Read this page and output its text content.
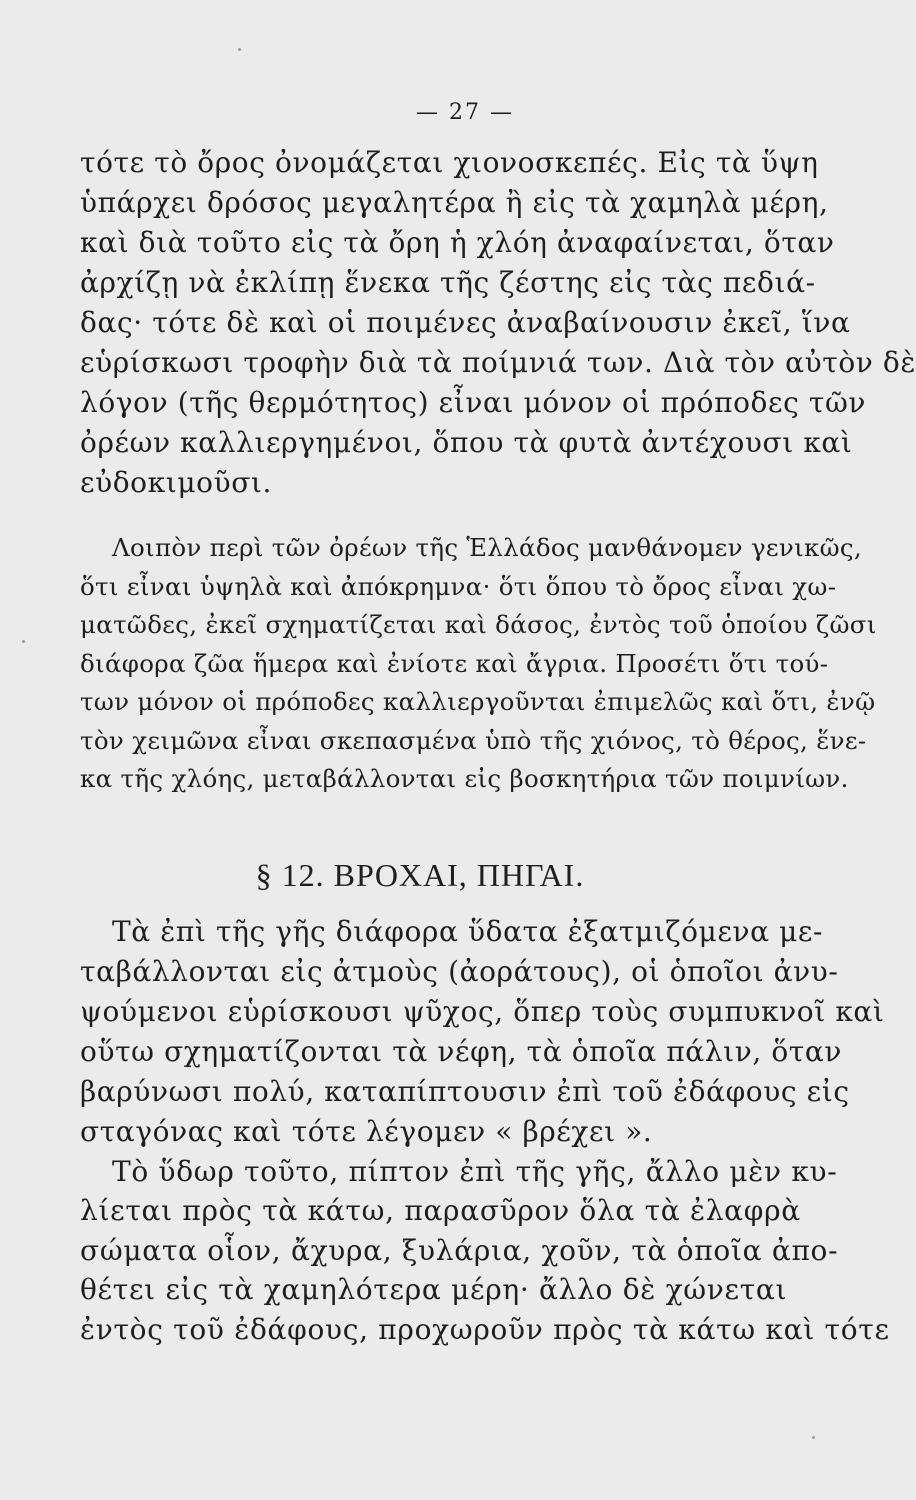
— 27 —
τότε τὸ ὄρος ὀνομάζεται χιονοσκεπές. Εἰς τὰ ὕψη
ὑπάρχει δρόσος μεγαλητέρα ἢ εἰς τὰ χαμηλὰ μέρη,
καὶ διὰ τοῦτο εἰς τὰ ὄρη ἡ χλόη ἀναφαίνεται, ὅταν
ἀρχίζῃ νὰ ἐκλίπῃ ἕνεκα τῆς ζέστης εἰς τὰς πεδιά-
δας· τότε δὲ καὶ οἱ ποιμένες ἀναβαίνουσιν ἐκεῖ, ἵνα
εὑρίσκωσι τροφὴν διὰ τὰ ποίμνιά των. Διὰ τὸν αὐτὸν δὲ
λόγον (τῆς θερμότητος) εἶναι μόνον οἱ πρόποδες τῶν
ὀρέων καλλιεργημένοι, ὅπου τὰ φυτὰ ἀντέχουσι καὶ
εὐδοκιμοῦσι.
Λοιπὸν περὶ τῶν ὀρέων τῆς Ἑλλάδος μανθάνομεν γενικῶς,
ὅτι εἶναι ὑψηλὰ καὶ ἀπόκρημνα· ὅτι ὅπου τὸ ὄρος εἶναι χω-
ματῶδες, ἐκεῖ σχηματίζεται καὶ δάσος, ἐντὸς τοῦ ὁποίου ζῶσι
διάφορα ζῶα ἥμερα καὶ ἐνίοτε καὶ ἄγρια. Προσέτι ὅτι τού-
των μόνον οἱ πρόποδες καλλιεργοῦνται ἐπιμελῶς καὶ ὅτι, ἐνῷ
τὸν χειμῶνα εἶναι σκεπασμένα ὑπὸ τῆς χιόνος, τὸ θέρος, ἕνε-
κα τῆς χλόης, μεταβάλλονται εἰς βοσκητήρια τῶν ποιμνίων.
§ 12. ΒΡΟΧΑΙ, ΠΗΓΑΙ.
Τὰ ἐπὶ τῆς γῆς διάφορα ὕδατα ἐξατμιζόμενα με-
ταβάλλονται εἰς ἀτμοὺς (ἀοράτους), οἱ ὁποῖοι ἀνυ-
ψούμενοι εὑρίσκουσι ψῦχος, ὅπερ τοὺς συμπυκνοῖ καὶ
οὕτω σχηματίζονται τὰ νέφη, τὰ ὁποῖα πάλιν, ὅταν
βαρύνωσι πολύ, καταπίπτουσιν ἐπὶ τοῦ ἐδάφους εἰς
σταγόνας καὶ τότε λέγομεν « βρέχει ».
Τὸ ὕδωρ τοῦτο, πίπτον ἐπὶ τῆς γῆς, ἄλλο μὲν κυ-
λίεται πρὸς τὰ κάτω, παρασῦρον ὅλα τὰ ἐλαφρὰ
σώματα οἷον, ἄχυρα, ξυλάρια, χοῦν, τὰ ὁποῖα ἀπο-
θέτει εἰς τὰ χαμηλότερα μέρη· ἄλλο δὲ χώνεται
ἐντὸς τοῦ ἐδάφους, προχωροῦν πρὸς τὰ κάτω καὶ τότε
